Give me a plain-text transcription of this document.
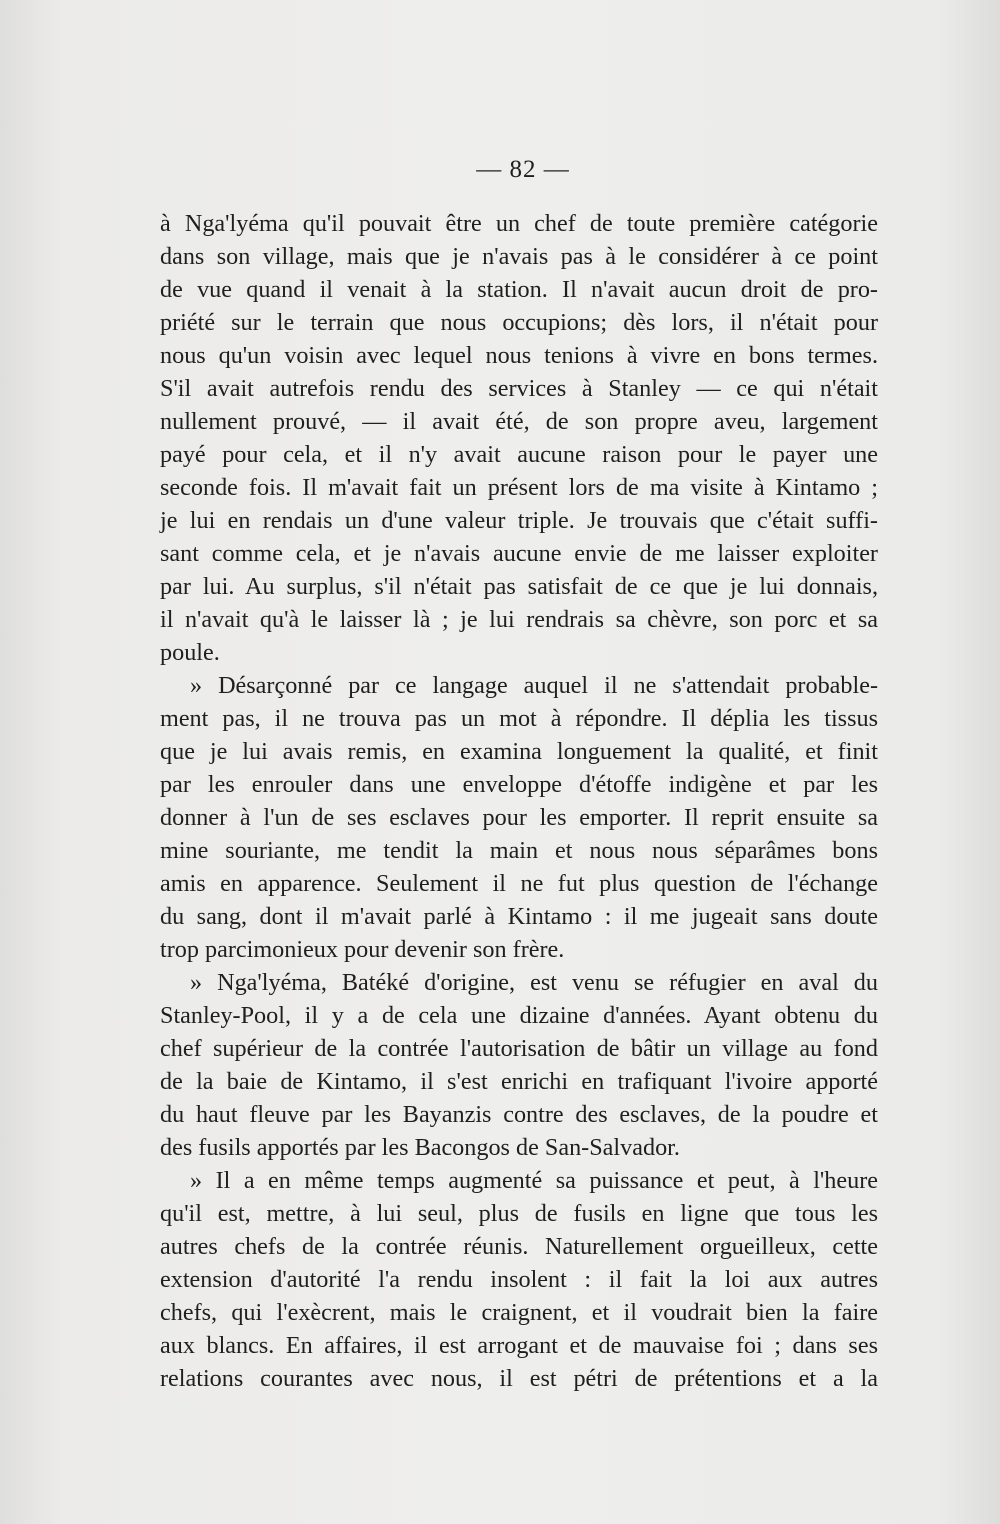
— 82 —
à Nga'lyéma qu'il pouvait être un chef de toute première catégorie
dans son village, mais que je n'avais pas à le considérer à ce point
de vue quand il venait à la station. Il n'avait aucun droit de pro-
priété sur le terrain que nous occupions; dès lors, il n'était pour
nous qu'un voisin avec lequel nous tenions à vivre en bons termes.
S'il avait autrefois rendu des services à Stanley — ce qui n'était
nullement prouvé, — il avait été, de son propre aveu, largement
payé pour cela, et il n'y avait aucune raison pour le payer une
seconde fois. Il m'avait fait un présent lors de ma visite à Kintamo ;
je lui en rendais un d'une valeur triple. Je trouvais que c'était suffi-
sant comme cela, et je n'avais aucune envie de me laisser exploiter
par lui. Au surplus, s'il n'était pas satisfait de ce que je lui donnais,
il n'avait qu'à le laisser là ; je lui rendrais sa chèvre, son porc et sa
poule.
» Désarçonné par ce langage auquel il ne s'attendait probable-
ment pas, il ne trouva pas un mot à répondre. Il déplia les tissus
que je lui avais remis, en examina longuement la qualité, et finit
par les enrouler dans une enveloppe d'étoffe indigène et par les
donner à l'un de ses esclaves pour les emporter. Il reprit ensuite sa
mine souriante, me tendit la main et nous nous séparâmes bons
amis en apparence. Seulement il ne fut plus question de l'échange
du sang, dont il m'avait parlé à Kintamo : il me jugeait sans doute
trop parcimonieux pour devenir son frère.
» Nga'lyéma, Batéké d'origine, est venu se réfugier en aval du
Stanley-Pool, il y a de cela une dizaine d'années. Ayant obtenu du
chef supérieur de la contrée l'autorisation de bâtir un village au fond
de la baie de Kintamo, il s'est enrichi en trafiquant l'ivoire apporté
du haut fleuve par les Bayanzis contre des esclaves, de la poudre et
des fusils apportés par les Bacongos de San-Salvador.
» Il a en même temps augmenté sa puissance et peut, à l'heure
qu'il est, mettre, à lui seul, plus de fusils en ligne que tous les
autres chefs de la contrée réunis. Naturellement orgueilleux, cette
extension d'autorité l'a rendu insolent : il fait la loi aux autres
chefs, qui l'exècrent, mais le craignent, et il voudrait bien la faire
aux blancs. En affaires, il est arrogant et de mauvaise foi ; dans ses
relations courantes avec nous, il est pétri de prétentions et a la
